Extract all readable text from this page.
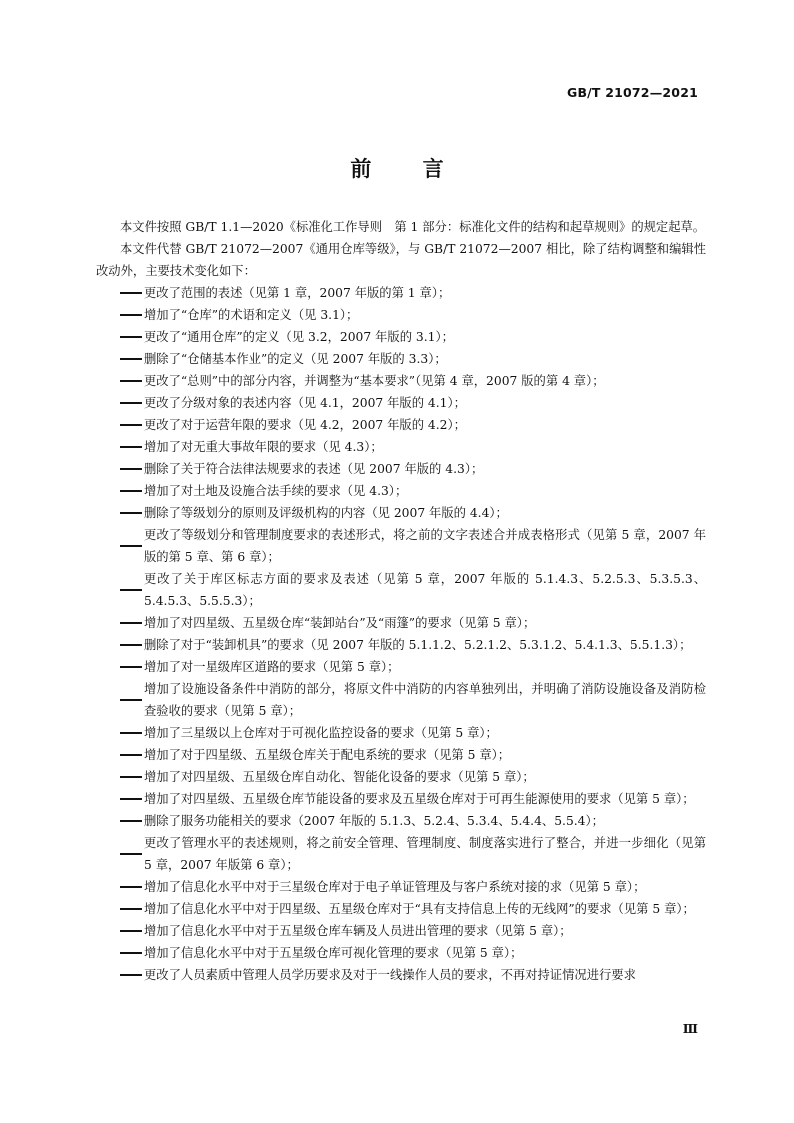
GB/T 21072—2021
前 言

本文件按照 GB/T 1.1—2020《标准化工作导则　第 1 部分：标准化文件的结构和起草规则》的规定起草。

本文件代替 GB/T 21072—2007《通用仓库等级》，与 GB/T 21072—2007 相比，除了结构调整和编辑性改动外，主要技术变化如下：

更改了范围的表述（见第 1 章，2007 年版的第 1 章）；
增加了“仓库”的术语和定义（见 3.1）；
更改了“通用仓库”的定义（见 3.2，2007 年版的 3.1）；
删除了“仓储基本作业”的定义（见 2007 年版的 3.3）；
更改了“总则”中的部分内容，并调整为“基本要求”（见第 4 章，2007 版的第 4 章）；
更改了分级对象的表述内容（见 4.1，2007 年版的 4.1）；
更改了对于运营年限的要求（见 4.2，2007 年版的 4.2）；
增加了对无重大事故年限的要求（见 4.3）；
删除了关于符合法律法规要求的表述（见 2007 年版的 4.3）；
增加了对土地及设施合法手续的要求（见 4.3）；
删除了等级划分的原则及评级机构的内容（见 2007 年版的 4.4）；
更改了等级划分和管理制度要求的表述形式，将之前的文字表述合并成表格形式（见第 5 章，2007 年版的第 5 章、第 6 章）；
更改了关于库区标志方面的要求及表述（见第 5 章，2007 年版的 5.1.4.3、5.2.5.3、5.3.5.3、5.4.5.3、5.5.5.3）；
增加了对四星级、五星级仓库“装卸站台”及“雨篷”的要求（见第 5 章）；
删除了对于“装卸机具”的要求（见 2007 年版的 5.1.1.2、5.2.1.2、5.3.1.2、5.4.1.3、5.5.1.3）；
增加了对一星级库区道路的要求（见第 5 章）；
增加了设施设备条件中消防的部分，将原文件中消防的内容单独列出，并明确了消防设施设备及消防检查验收的要求（见第 5 章）；
增加了三星级以上仓库对于可视化监控设备的要求（见第 5 章）；
增加了对于四星级、五星级仓库关于配电系统的要求（见第 5 章）；
增加了对四星级、五星级仓库自动化、智能化设备的要求（见第 5 章）；
增加了对四星级、五星级仓库节能设备的要求及五星级仓库对于可再生能源使用的要求（见第 5 章）；
删除了服务功能相关的要求（2007 年版的 5.1.3、5.2.4、5.3.4、5.4.4、5.5.4）；
更改了管理水平的表述规则，将之前安全管理、管理制度、制度落实进行了整合，并进一步细化（见第 5 章，2007 年版第 6 章）；
增加了信息化水平中对于三星级仓库对于电子单证管理及与客户系统对接的求（见第 5 章）；
增加了信息化水平中对于四星级、五星级仓库对于“具有支持信息上传的无线网”的要求（见第 5 章）；
增加了信息化水平中对于五星级仓库车辆及人员进出管理的要求（见第 5 章）；
增加了信息化水平中对于五星级仓库可视化管理的要求（见第 5 章）；
更改了人员素质中管理人员学历要求及对于一线操作人员的要求，不再对持证情况进行要求
Ⅲ
